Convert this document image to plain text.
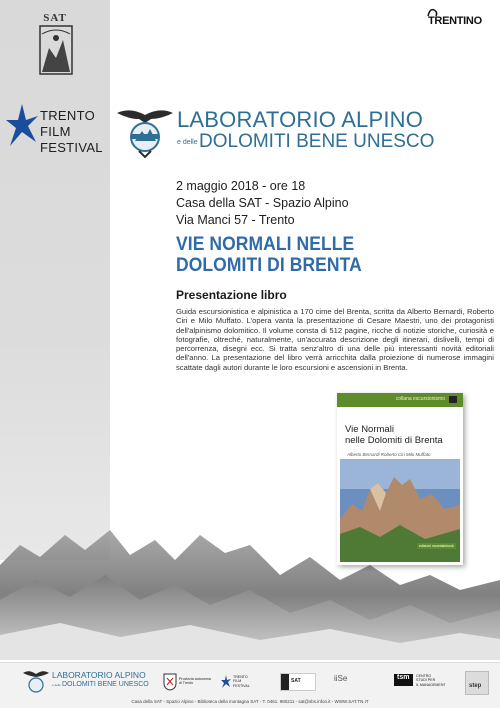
SAT	TRENTINO
TRENTO
FILM
FESTIVAL
LABORATORIO ALPINO
e delle DOLOMITI BENE UNESCO
2 maggio 2018 - ore 18
Casa della SAT - Spazio Alpino
Via Manci 57 - Trento
VIE NORMALI NELLE
DOLOMITI DI BRENTA
Presentazione libro

Guida escursionistica e alpinistica a 170 cime del Brenta, scritta da Alberto Bernardi, Roberto Ciri e Milo Muffato. L'opera vanta la presentazione di Cesare Maestri, uno dei protagonisti dell'alpinismo dolomitico. Il volume consta di 512 pagine, ricche di notizie storiche, curiosità e fotografie, oltreché, naturalmente, un'accurata descrizione degli itinerari, dislivelli, tempi di percorrenza, disegni ecc. Si tratta senz'altro di una delle più interessanti novità editoriali dell'anno. La presentazione del libro verrà arricchita dalla proiezione di numerose immagini scattate dagli autori durante le loro escursioni e ascensioni in Brenta.

collana escursionismo
Vie Normali
nelle Dolomiti di Brenta
Alberto Bernardi Roberto Ciri Milo Muffato
edizioni mountainbook
LABORATORIO ALPINO
e delle DOLOMITI BENE UNESCO
Provincia autonoma
di Trento
TRENTO
FILM
FESTIVAL
SAT	iiSe	tsm CENTRO
STUDI PER
IL MANAGEMENT	step
Casa della SAT - Spazio Alpino - Biblioteca della montagna SAT - T. 0461. 980211 - sat@sbs.infon.it - WWW.SAT.TN.IT
